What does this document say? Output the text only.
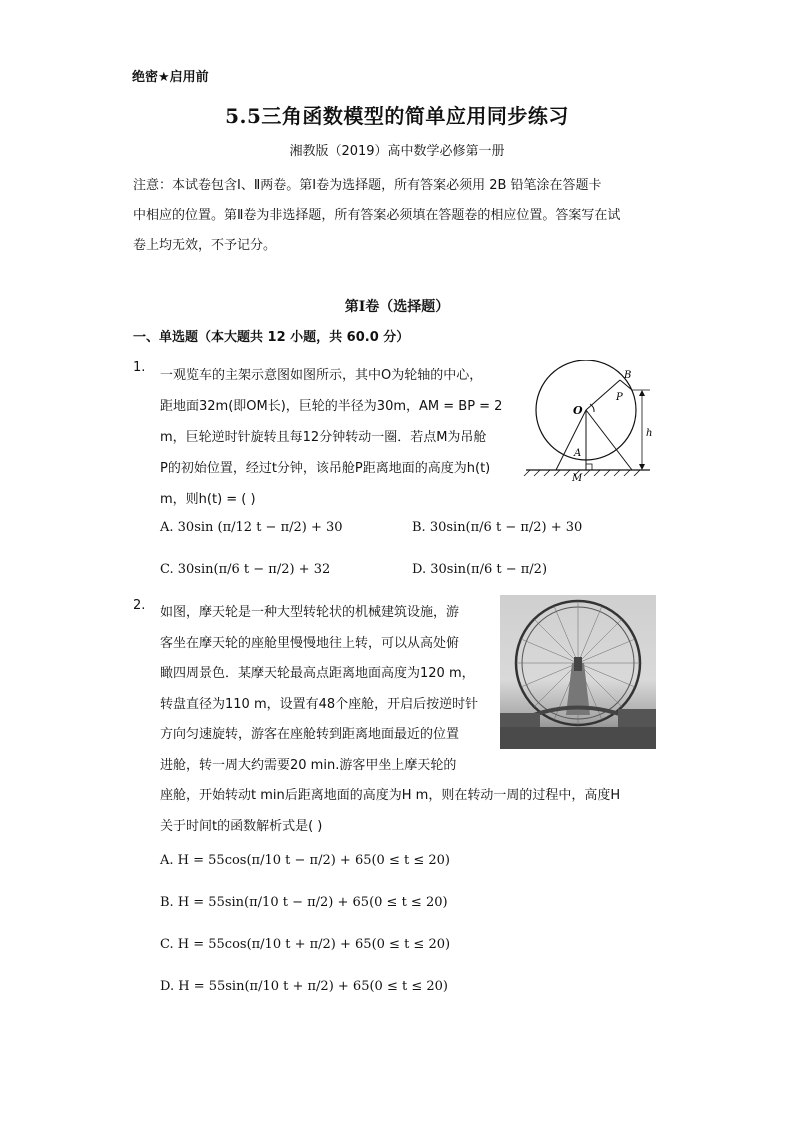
绝密★启用前
5.5三角函数模型的简单应用同步练习
湘教版（2019）高中数学必修第一册
注意：本试卷包含Ⅰ、Ⅱ两卷。第Ⅰ卷为选择题，所有答案必须用 2B 铅笔涂在答题卡
中相应的位置。第Ⅱ卷为非选择题，所有答案必须填在答题卷的相应位置。答案写在试
卷上均无效，不予记分。
第Ⅰ卷（选择题）
一、单选题（本大题共 12 小题，共 60.0 分）
1.
一观览车的主架示意图如图所示，其中O为轮轴的中心，
距地面32m(即OM长)，巨轮的半径为30m，AM = BP = 2
m，巨轮逆时针旋转且每12分钟转动一圈．若点M为吊舱
P的初始位置，经过t分钟，该吊舱P距离地面的高度为h(t)
m，则h(t) = ( )
B
P
O
A
M
h
A. 30sin (π/12 t − π/2) + 30	B. 30sin(π/6 t − π/2) + 30
C. 30sin(π/6 t − π/2) + 32	D. 30sin(π/6 t − π/2)
2. 如图，摩天轮是一种大型转轮状的机械建筑设施，游
客坐在摩天轮的座舱里慢慢地往上转，可以从高处俯
瞰四周景色．某摩天轮最高点距离地面高度为120 m，
转盘直径为110 m，设置有48个座舱，开启后按逆时针
方向匀速旋转，游客在座舱转到距离地面最近的位置
进舱，转一周大约需要20 min.游客甲坐上摩天轮的
座舱，开始转动t min后距离地面的高度为H m，则在转动一周的过程中，高度H
关于时间t的函数解析式是( )
A. H = 55cos(π/10 t − π/2) + 65(0 ≤ t ≤ 20)
B. H = 55sin(π/10 t − π/2) + 65(0 ≤ t ≤ 20)
C. H = 55cos(π/10 t + π/2) + 65(0 ≤ t ≤ 20)
D. H = 55sin(π/10 t + π/2) + 65(0 ≤ t ≤ 20)
